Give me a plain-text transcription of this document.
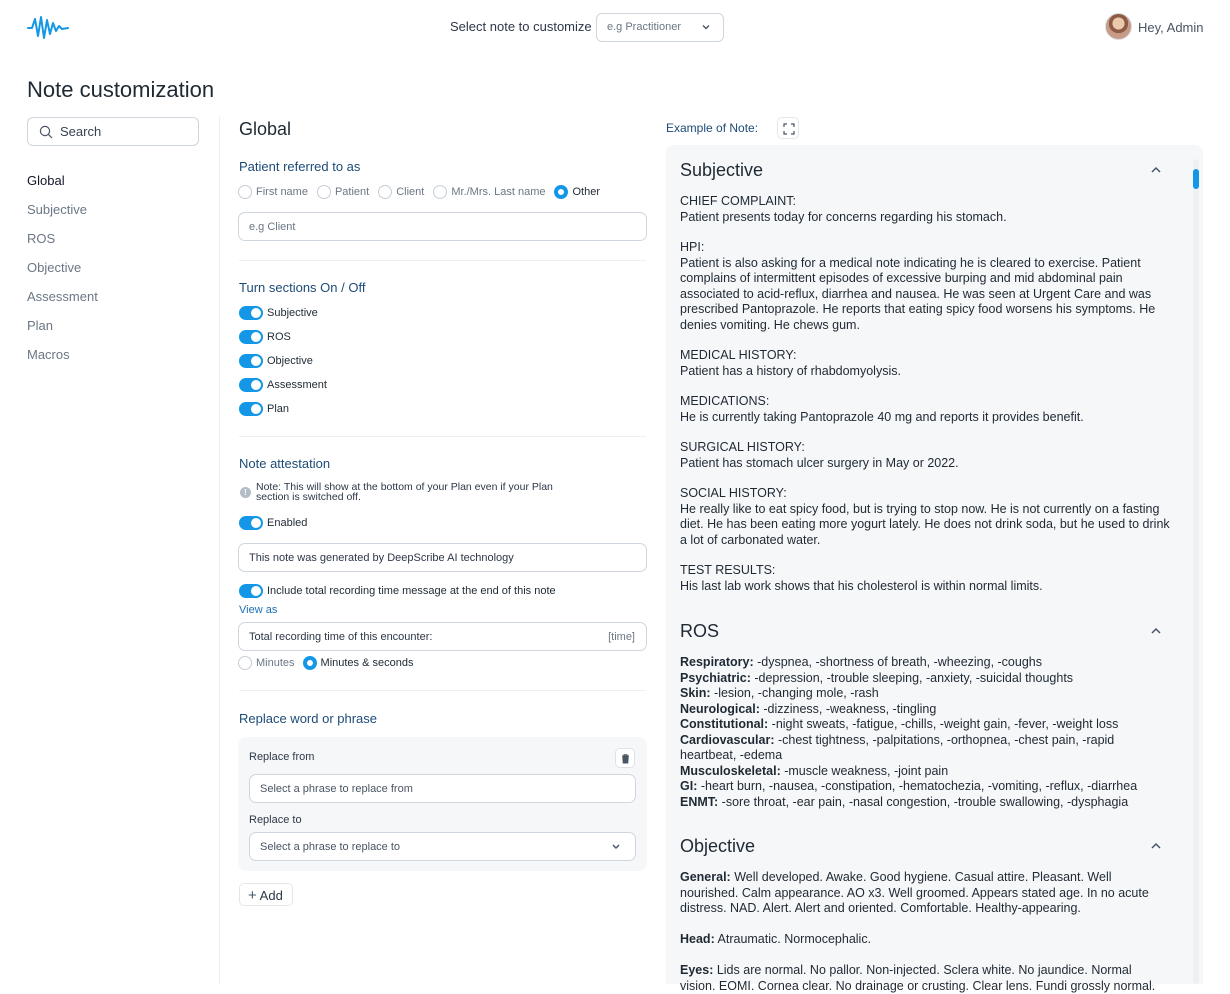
Select note to customize	e.g Practitioner	Hey, Admin
Note customization
Search
Global
Subjective
ROS
Objective
Assessment
Plan
Macros
Global
Patient referred to as
First name Patient Client Mr./Mrs. Last name Other
e.g Client
Turn sections On / Off
Subjective
ROS
Objective
Assessment
Plan
Note attestation
! Note: This will show at the bottom of your Plan even if your Plan section is switched off.
Enabled
This note was generated by DeepScribe AI technology
Include total recording time message at the end of this note
View as
Total recording time of this encounter:	[time]
Minutes Minutes & seconds
Replace word or phrase
Replace from
Select a phrase to replace from
Replace to
Select a phrase to replace to
+ Add
Example of Note:
Subjective
CHIEF COMPLAINT:
Patient presents today for concerns regarding his stomach.
HPI:
Patient is also asking for a medical note indicating he is cleared to exercise. Patient complains of intermittent episodes of excessive burping and mid abdominal pain associated to acid-reflux, diarrhea and nausea. He was seen at Urgent Care and was prescribed Pantoprazole. He reports that eating spicy food worsens his symptoms. He denies vomiting. He chews gum.
MEDICAL HISTORY:
Patient has a history of rhabdomyolysis.
MEDICATIONS:
He is currently taking Pantoprazole 40 mg and reports it provides benefit.
SURGICAL HISTORY:
Patient has stomach ulcer surgery in May or 2022.
SOCIAL HISTORY:
He really like to eat spicy food, but is trying to stop now. He is not currently on a fasting diet. He has been eating more yogurt lately. He does not drink soda, but he used to drink a lot of carbonated water.
TEST RESULTS:
His last lab work shows that his cholesterol is within normal limits.
ROS
Respiratory: -dyspnea, -shortness of breath, -wheezing, -coughs
Psychiatric: -depression, -trouble sleeping, -anxiety, -suicidal thoughts
Skin: -lesion, -changing mole, -rash
Neurological: -dizziness, -weakness, -tingling
Constitutional: -night sweats, -fatigue, -chills, -weight gain, -fever, -weight loss
Cardiovascular: -chest tightness, -palpitations, -orthopnea, -chest pain, -rapid heartbeat, -edema
Musculoskeletal: -muscle weakness, -joint pain
GI: -heart burn, -nausea, -constipation, -hematochezia, -vomiting, -reflux, -diarrhea
ENMT: -sore throat, -ear pain, -nasal congestion, -trouble swallowing, -dysphagia
Objective
General: Well developed. Awake. Good hygiene. Casual attire. Pleasant. Well nourished. Calm appearance. AO x3. Well groomed. Appears stated age. In no acute distress. NAD. Alert. Alert and oriented. Comfortable. Healthy-appearing.
Head: Atraumatic. Normocephalic.
Eyes: Lids are normal. No pallor. Non-injected. Sclera white. No jaundice. Normal vision. EOMI. Cornea clear. No drainage or crusting. Clear lens. Fundi grossly normal.
